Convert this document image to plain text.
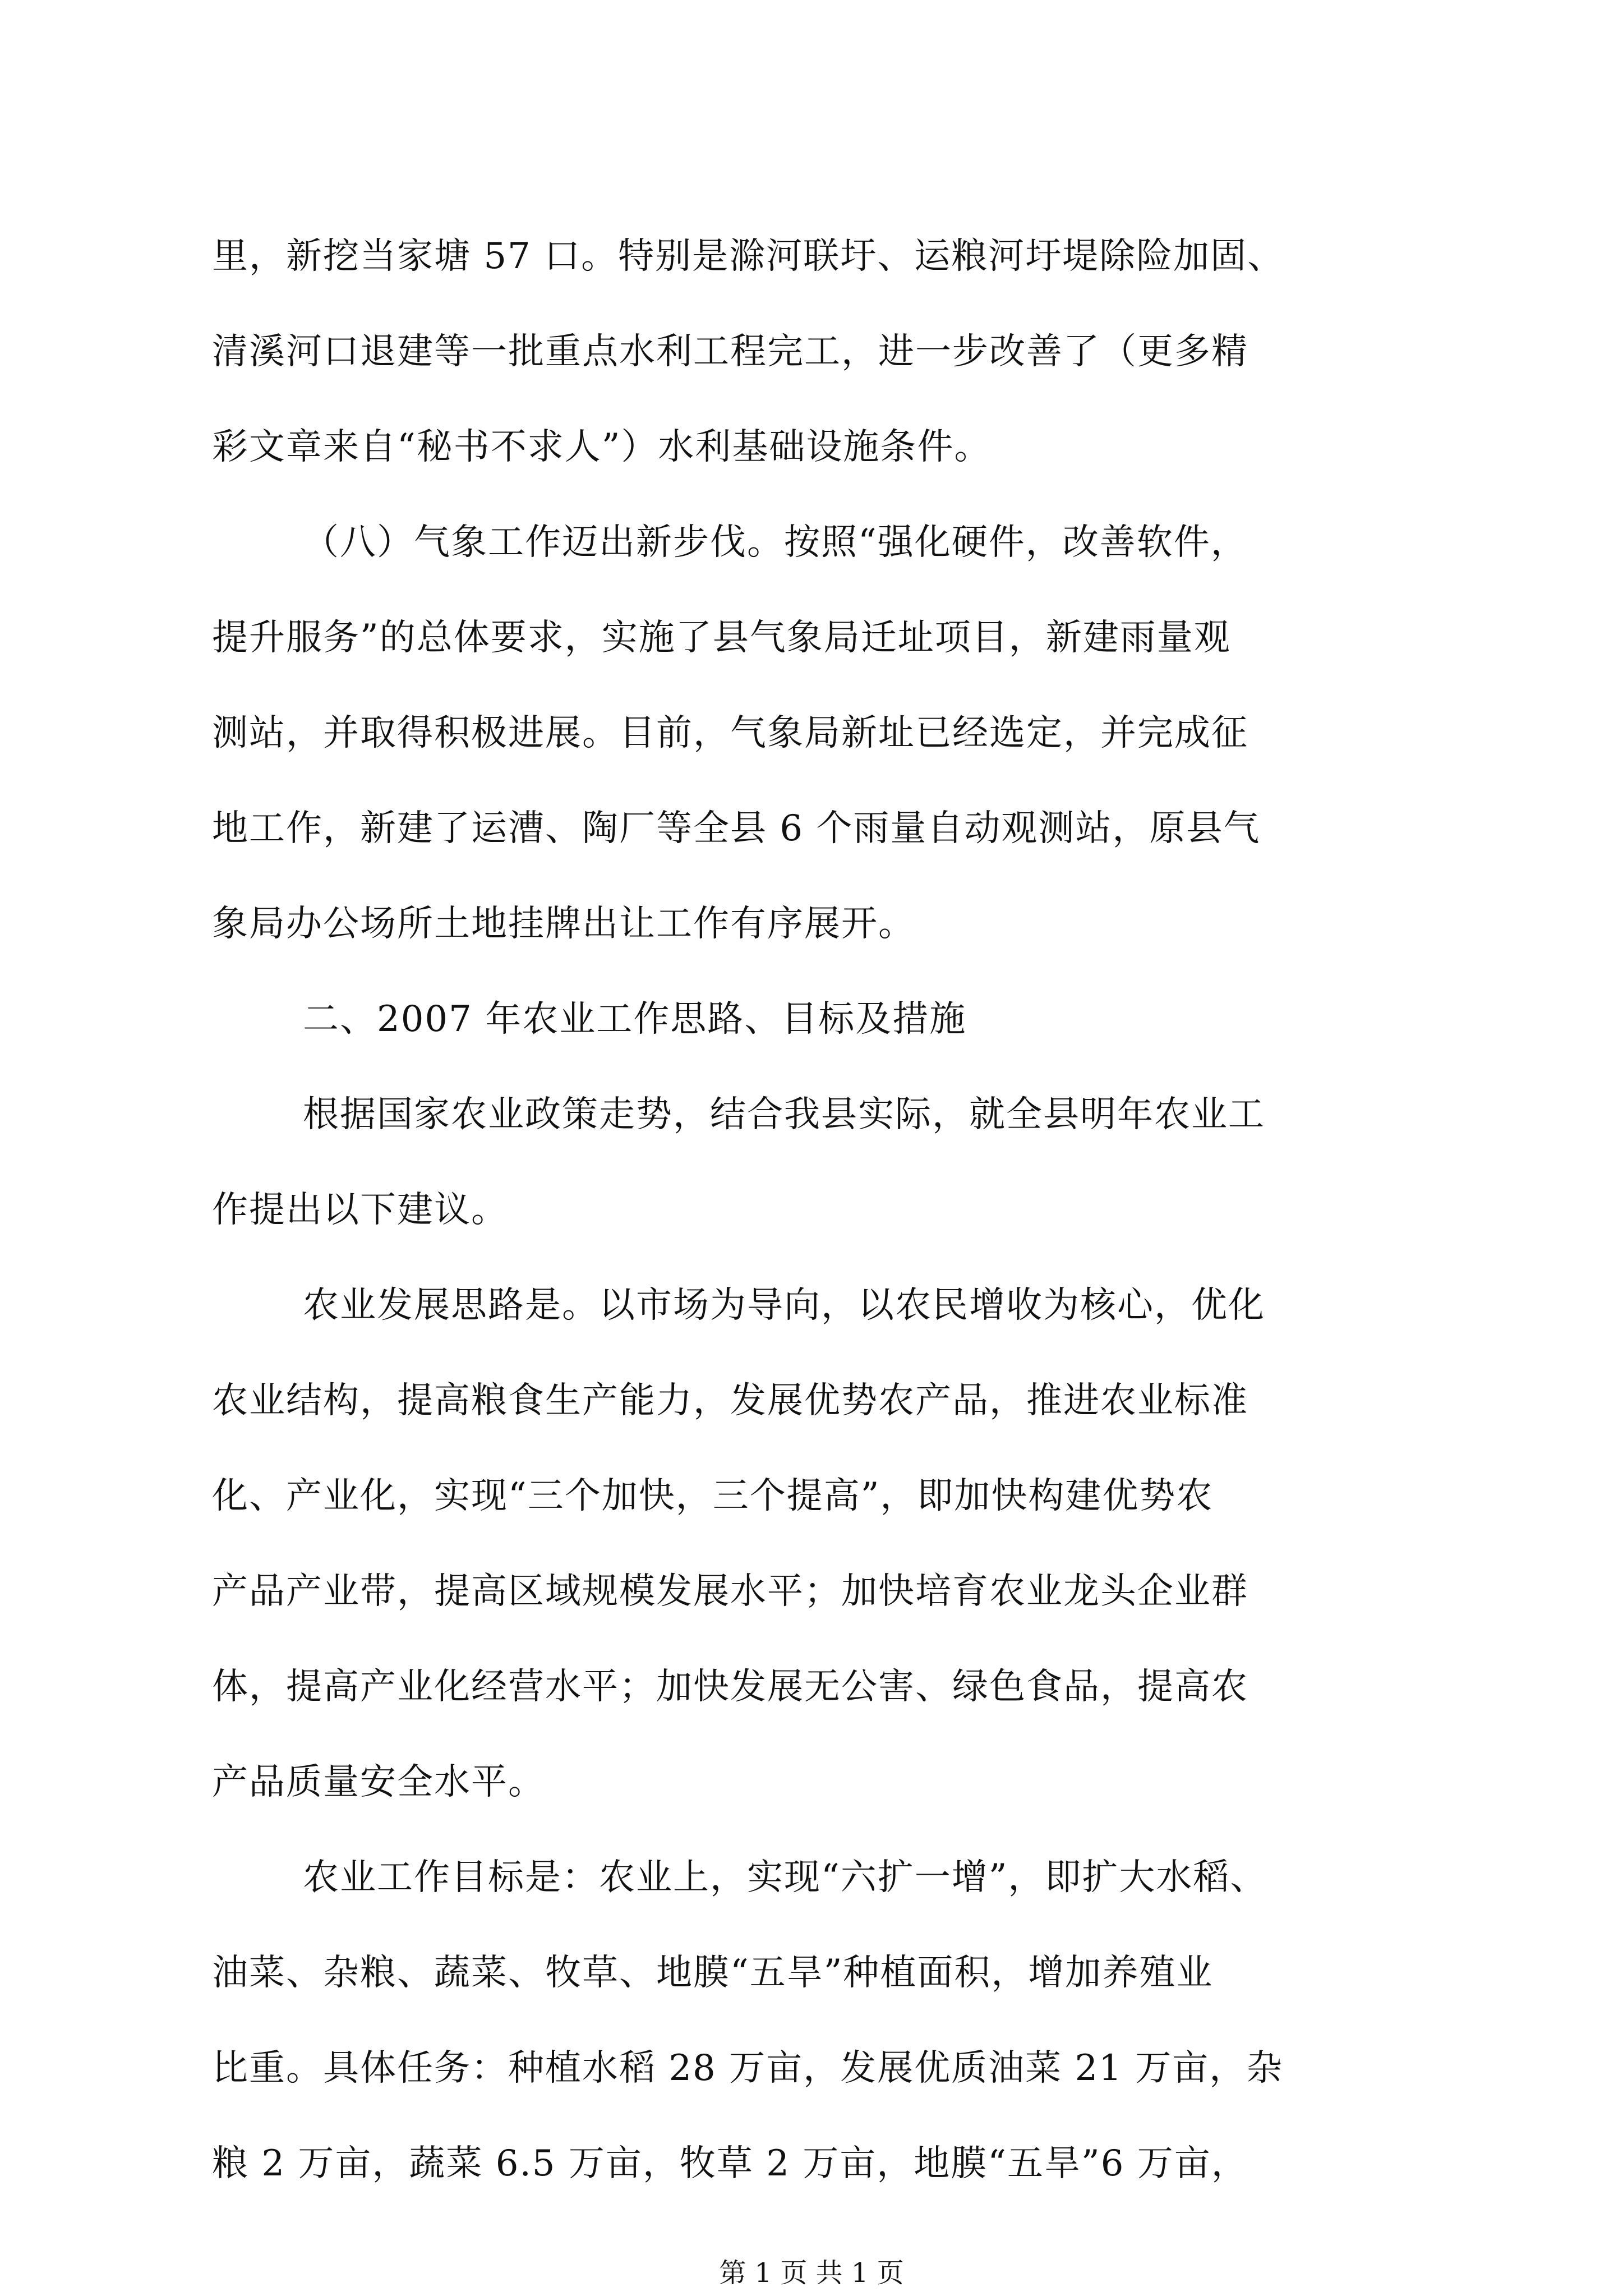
里，新挖当家塘 57 口。特别是滁河联圩、运粮河圩堤除险加固、
清溪河口退建等一批重点水利工程完工，进一步改善了（更多精
彩文章来自“秘书不求人”）水利基础设施条件。
（八）气象工作迈出新步伐。按照“强化硬件，改善软件，
提升服务”的总体要求，实施了县气象局迁址项目，新建雨量观
测站，并取得积极进展。目前，气象局新址已经选定，并完成征
地工作，新建了运漕、陶厂等全县 6 个雨量自动观测站，原县气
象局办公场所土地挂牌出让工作有序展开。
二、2007 年农业工作思路、目标及措施
根据国家农业政策走势，结合我县实际，就全县明年农业工
作提出以下建议。
农业发展思路是。以市场为导向，以农民增收为核心，优化
农业结构，提高粮食生产能力，发展优势农产品，推进农业标准
化、产业化，实现“三个加快，三个提高”，即加快构建优势农
产品产业带，提高区域规模发展水平；加快培育农业龙头企业群
体，提高产业化经营水平；加快发展无公害、绿色食品，提高农
产品质量安全水平。
农业工作目标是：农业上，实现“六扩一增”，即扩大水稻、
油菜、杂粮、蔬菜、牧草、地膜“五旱”种植面积，增加养殖业
比重。具体任务：种植水稻 28 万亩，发展优质油菜 21 万亩，杂
粮 2 万亩，蔬菜 6.5 万亩，牧草 2 万亩，地膜“五旱”6 万亩，
第 1 页 共 1 页
